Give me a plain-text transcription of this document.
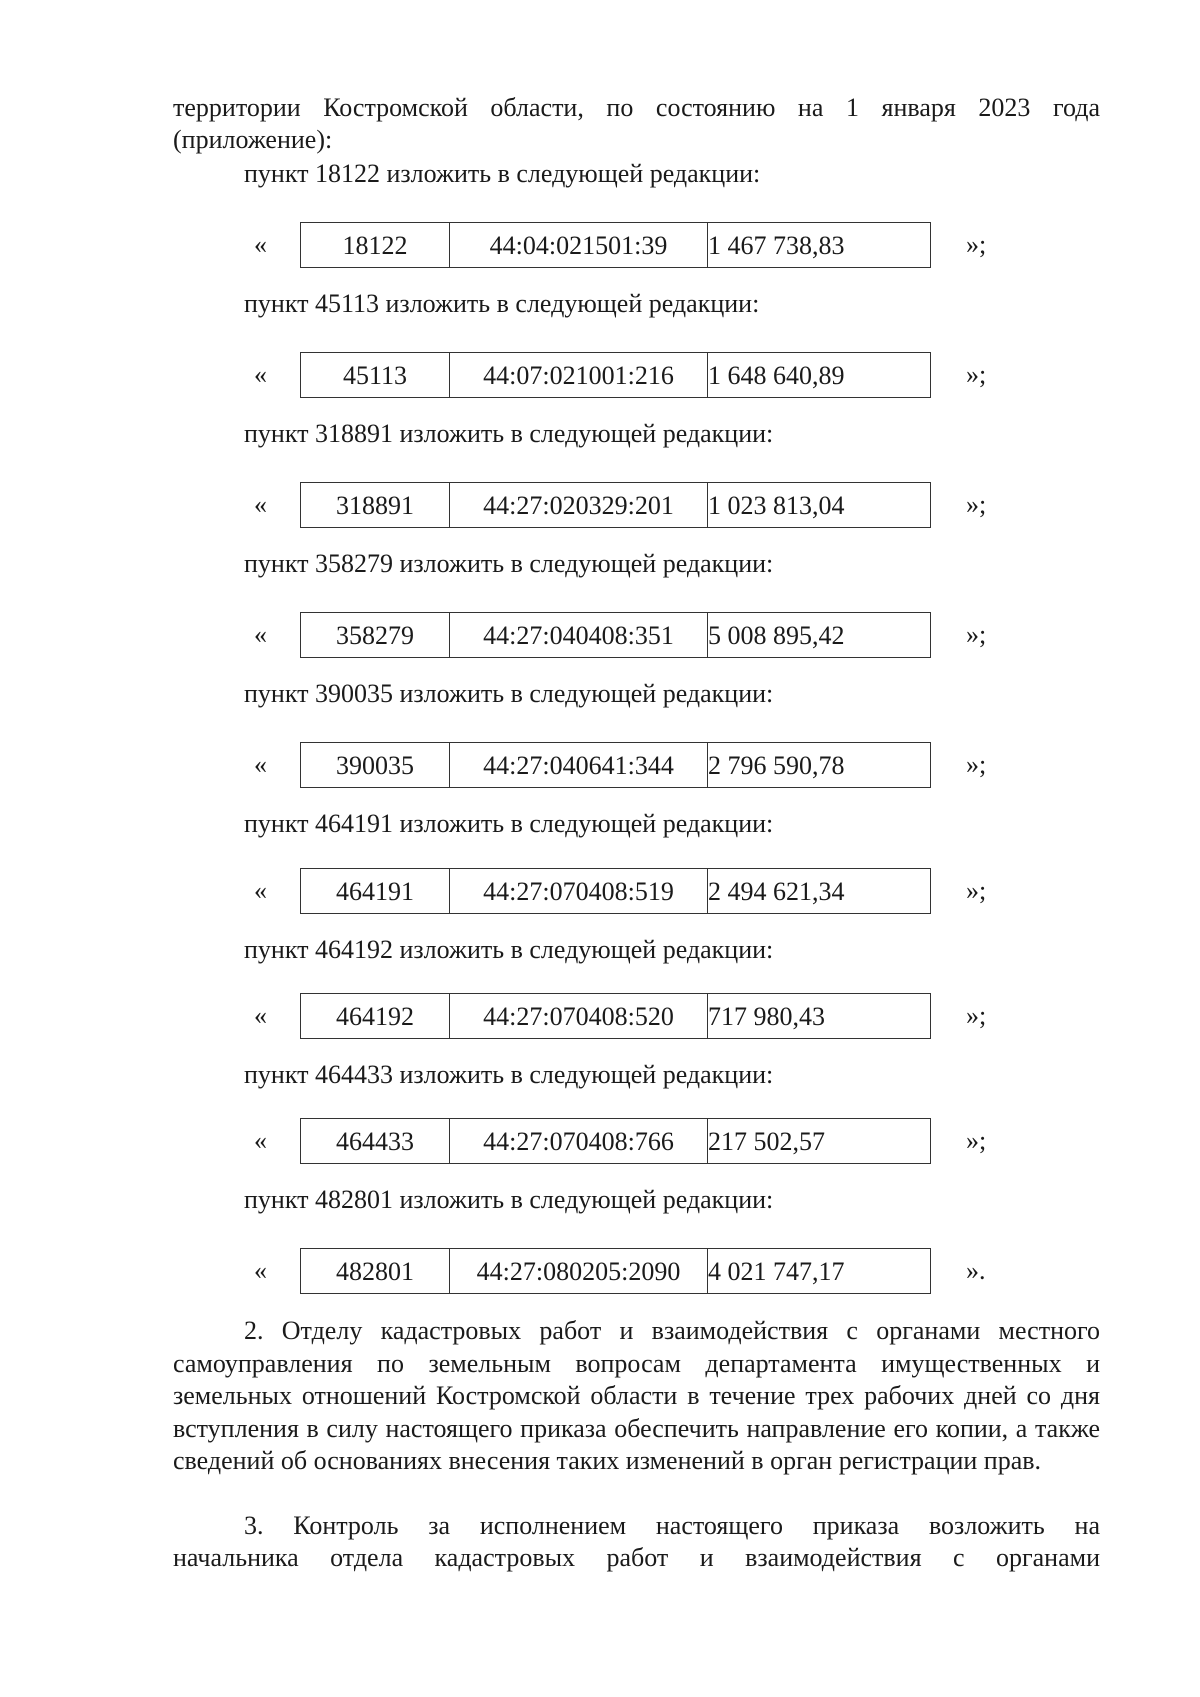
территории Костромской области, по состоянию на 1 января 2023 года

(приложение):

пункт 18122 изложить в следующей редакции:

«	18122	44:04:021501:39	1 467 738,83	»;

пункт 45113 изложить в следующей редакции:

«	45113	44:07:021001:216	1 648 640,89	»;

пункт 318891 изложить в следующей редакции:

«	318891	44:27:020329:201	1 023 813,04	»;

пункт 358279 изложить в следующей редакции:

«	358279	44:27:040408:351	5 008 895,42	»;

пункт 390035 изложить в следующей редакции:

«	390035	44:27:040641:344	2 796 590,78	»;

пункт 464191 изложить в следующей редакции:

«	464191	44:27:070408:519	2 494 621,34	»;

пункт 464192 изложить в следующей редакции:

«	464192	44:27:070408:520	717 980,43	»;

пункт 464433 изложить в следующей редакции:

«	464433	44:27:070408:766	217 502,57	»;

пункт 482801 изложить в следующей редакции:

«	482801	44:27:080205:2090	4 021 747,17	».

2. Отделу кадастровых работ и взаимодействия с органами местного самоуправления по земельным вопросам департамента имущественных и земельных отношений Костромской области в течение трех рабочих дней со дня вступления в силу настоящего приказа обеспечить направление его копии, а также сведений об основаниях внесения таких изменений в орган регистрации прав.

3. Контроль за исполнением настоящего приказа возложить на

начальника отдела кадастровых работ и взаимодействия с органами
